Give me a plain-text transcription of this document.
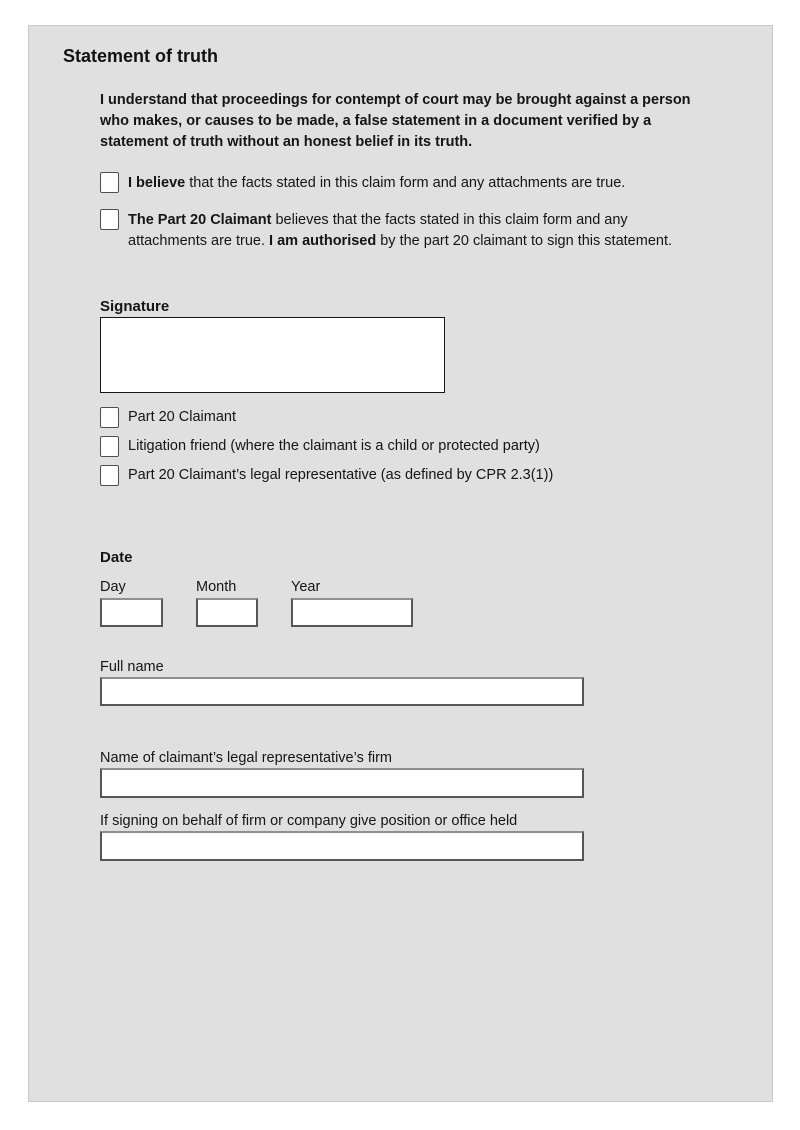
Statement of truth
I understand that proceedings for contempt of court may be brought against a person
who makes, or causes to be made, a false statement in a document verified by a
statement of truth without an honest belief in its truth.
I believe that the facts stated in this claim form and any attachments are true.
The Part 20 Claimant believes that the facts stated in this claim form and any
attachments are true. I am authorised by the part 20 claimant to sign this statement.
Signature
Part 20 Claimant
Litigation friend (where the claimant is a child or protected party)
Part 20 Claimant’s legal representative (as defined by CPR 2.3(1))
Date
Day	Month	Year
Full name
Name of claimant’s legal representative’s firm
If signing on behalf of firm or company give position or office held
